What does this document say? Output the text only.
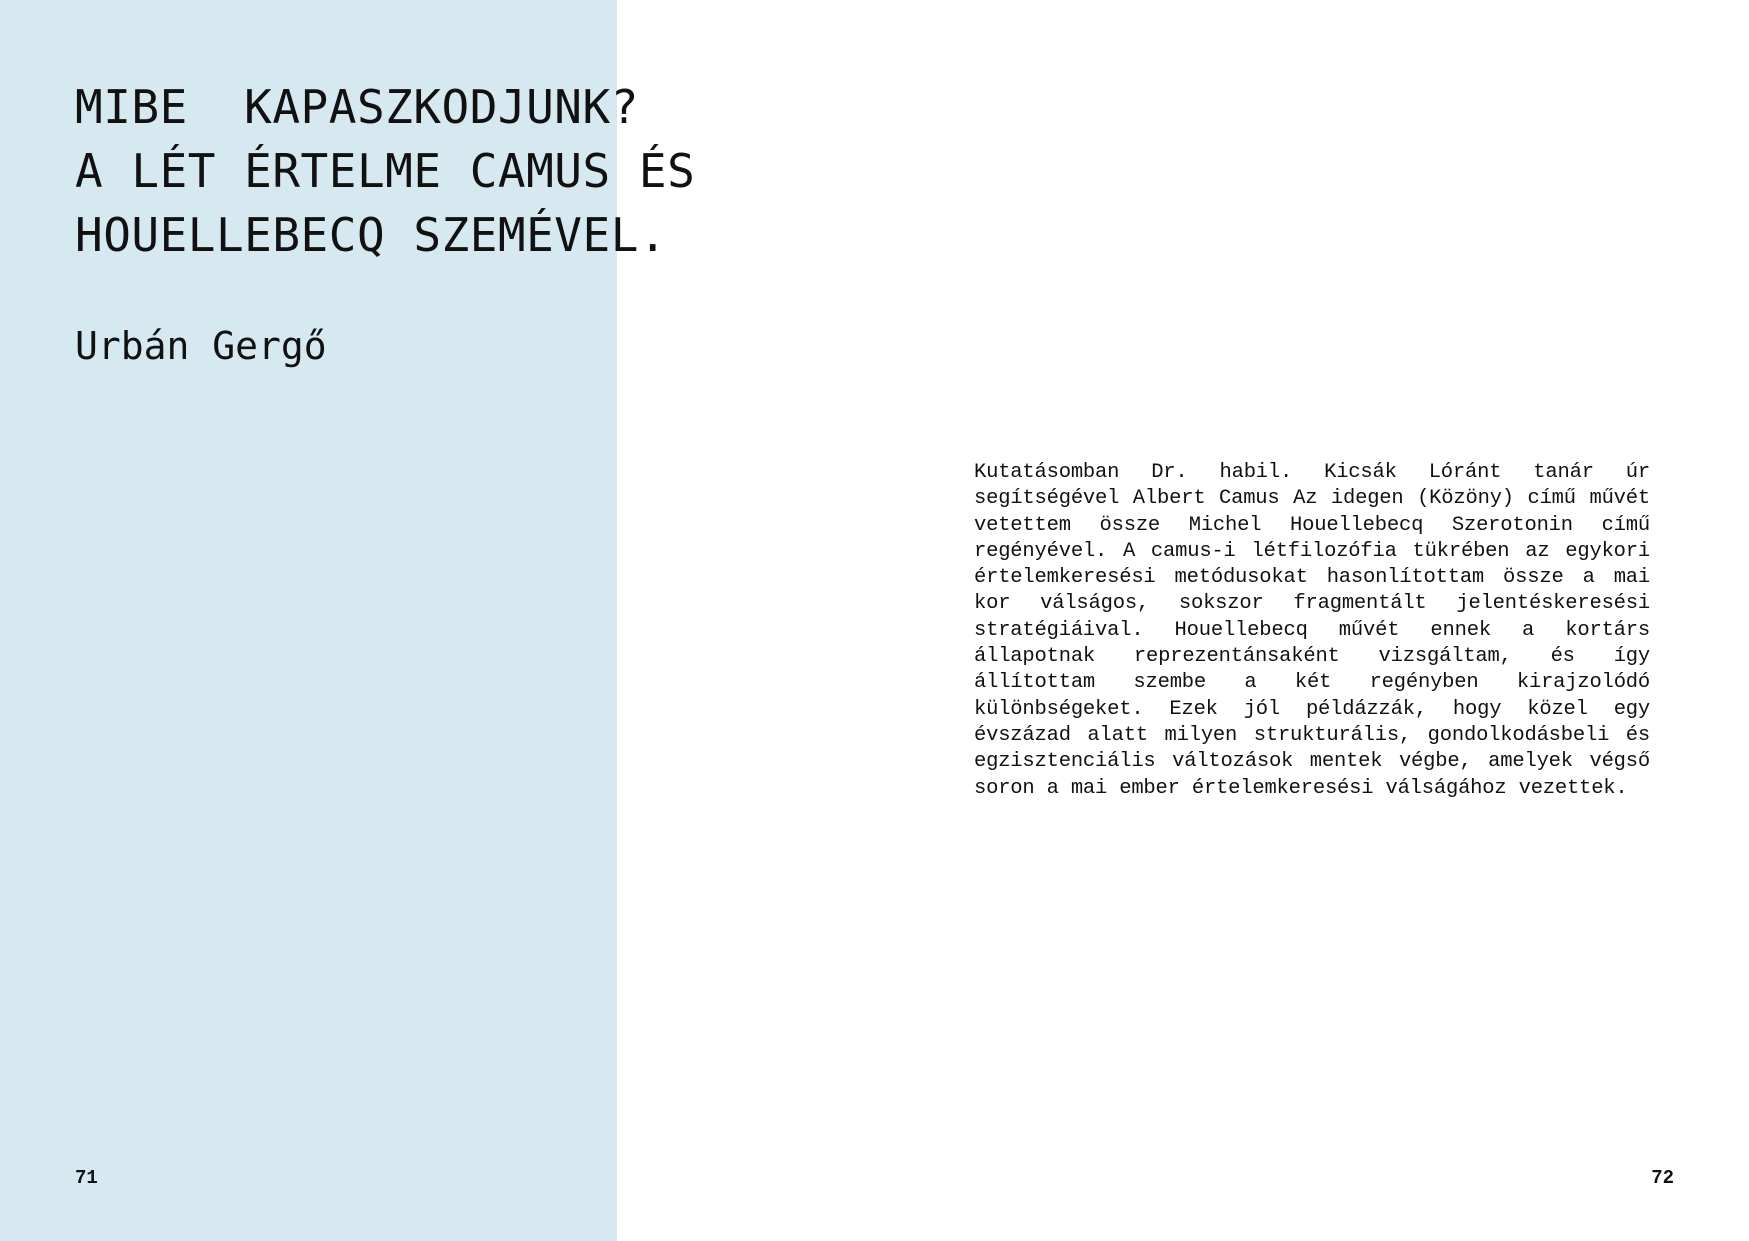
MIBE  KAPASZKODJUNK?
A LÉT ÉRTELME CAMUS ÉS
HOUELLEBECQ SZEMÉVEL.

Urbán Gergő

Kutatásomban Dr. habil. Kicsák Lóránt tanár úr segítségével Albert Camus Az idegen (Közöny) című művét vetettem össze Michel Houellebecq Szerotonin című regényével. A camus-i létfilozófia tükrében az egykori értelemkeresési metódusokat hasonlítottam össze a mai kor válságos, sokszor fragmentált jelentéskeresési stratégiáival. Houellebecq művét ennek a kortárs állapotnak reprezentánsaként vizsgáltam, és így állítottam szembe a két regényben kirajzolódó különbségeket. Ezek jól példázzák, hogy közel egy évszázad alatt milyen strukturális, gondolkodásbeli és egzisztenciális változások mentek végbe, amelyek végső soron a mai ember értelemkeresési válságához vezettek.

71	72
